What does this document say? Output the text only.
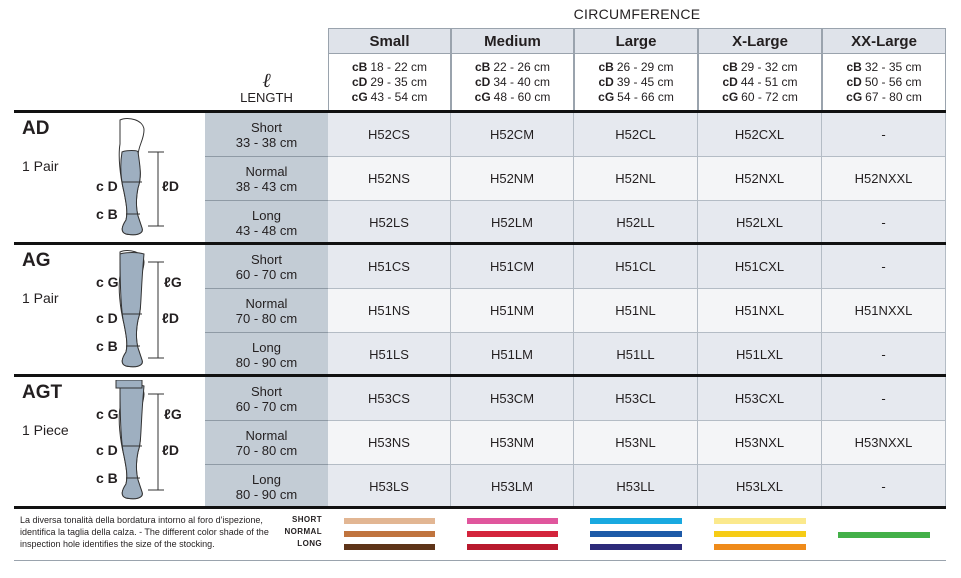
CIRCUMFERENCE
Small
cB 18 - 22 cm
cD 29 - 35 cm
cG 43 - 54 cm
Medium
cB 22 - 26 cm
cD 34 - 40 cm
cG 48 - 60 cm
Large
cB 26 - 29 cm
cD 39 - 45 cm
cG 54 - 66 cm
X-Large
cB 29 - 32 cm
cD 44 - 51 cm
cG 60 - 72 cm
XX-Large
cB 32 - 35 cm
cD 50 - 56 cm
cG 67 - 80 cm
ℓ
LENGTH
AD
1 Pair
c D	ℓD
c B
Short
33 - 38 cm	H52CS	H52CM	H52CL	H52CXL	-
Normal
38 - 43 cm	H52NS	H52NM	H52NL	H52NXL	H52NXXL
Long
43 - 48 cm	H52LS	H52LM	H52LL	H52LXL	-
AG
1 Pair
c G	ℓG
c D	ℓD
c B
Short
60 - 70 cm	H51CS	H51CM	H51CL	H51CXL	-
Normal
70 - 80 cm	H51NS	H51NM	H51NL	H51NXL	H51NXXL
Long
80 - 90 cm	H51LS	H51LM	H51LL	H51LXL	-
AGT
1 Piece
c G	ℓG
c D	ℓD
c B
Short
60 - 70 cm	H53CS	H53CM	H53CL	H53CXL	-
Normal
70 - 80 cm	H53NS	H53NM	H53NL	H53NXL	H53NXXL
Long
80 - 90 cm	H53LS	H53LM	H53LL	H53LXL	-
La diversa tonalità della bordatura intorno al foro d'ispezione, identifica la taglia della calza. - The different color shade of the inspection hole identifies the size of the stocking.
SHORT
NORMAL
LONG
